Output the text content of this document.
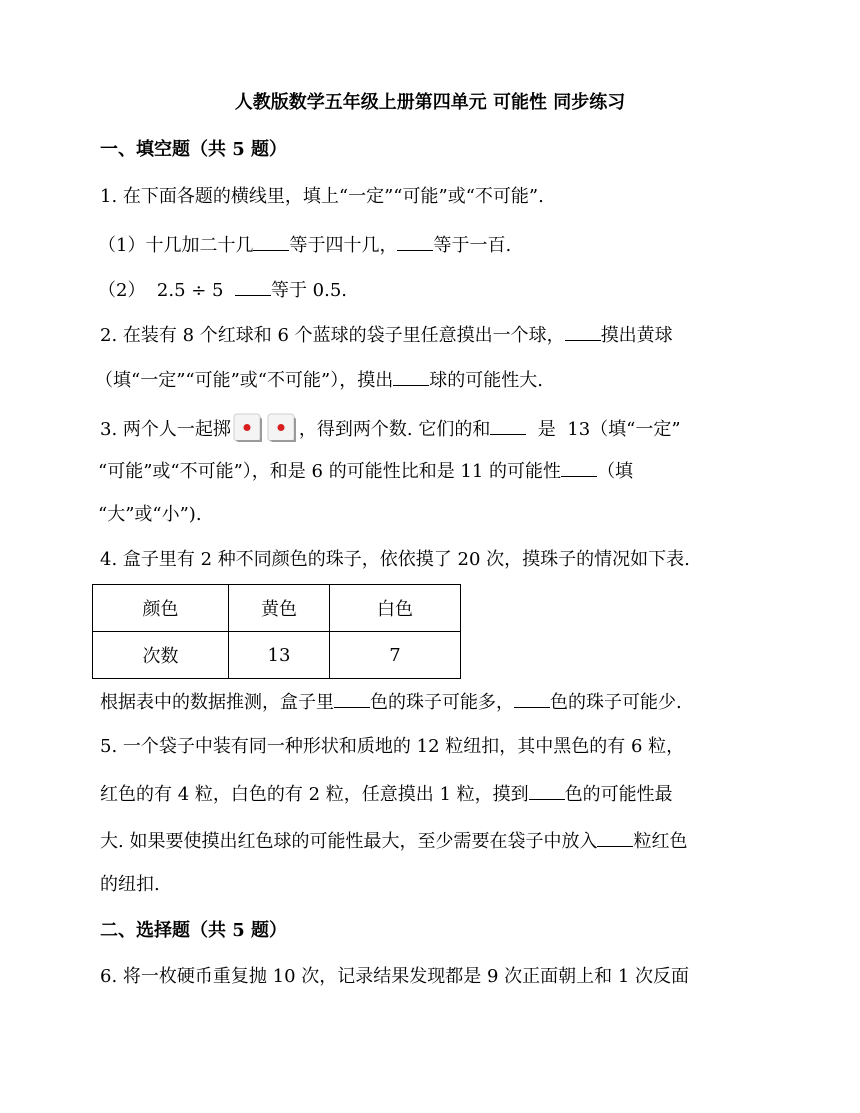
人教版数学五年级上册第四单元 可能性 同步练习
一、填空题（共 5 题）
1. 在下面各题的横线里，填上“一定”“可能”或“不可能”.
（1）十几加二十几 等于四十几， 等于一百.
（2）  2.5 ÷ 5  等于 0.5.
2. 在装有 8 个红球和 6 个蓝球的袋子里任意摸出一个球， 摸出黄球
（填“一定”“可能”或“不可能”），摸出 球的可能性大.
3. 两个人一起掷	，得到两个数. 它们的和  是  13（填“一定”
“可能”或“不可能”），和是 6 的可能性比和是 11 的可能性 （填
“大”或“小”).
4. 盒子里有 2 种不同颜色的珠子，依依摸了 20 次，摸珠子的情况如下表.
颜色	黄色	白色
次数	13	7
根据表中的数据推测，盒子里 色的珠子可能多， 色的珠子可能少.
5. 一个袋子中装有同一种形状和质地的 12 粒纽扣，其中黑色的有 6 粒，
红色的有 4 粒，白色的有 2 粒，任意摸出 1 粒，摸到 色的可能性最
大. 如果要使摸出红色球的可能性最大，至少需要在袋子中放入 粒红色
的纽扣.
二、选择题（共 5 题）
6. 将一枚硬币重复抛 10 次，记录结果发现都是 9 次正面朝上和 1 次反面
